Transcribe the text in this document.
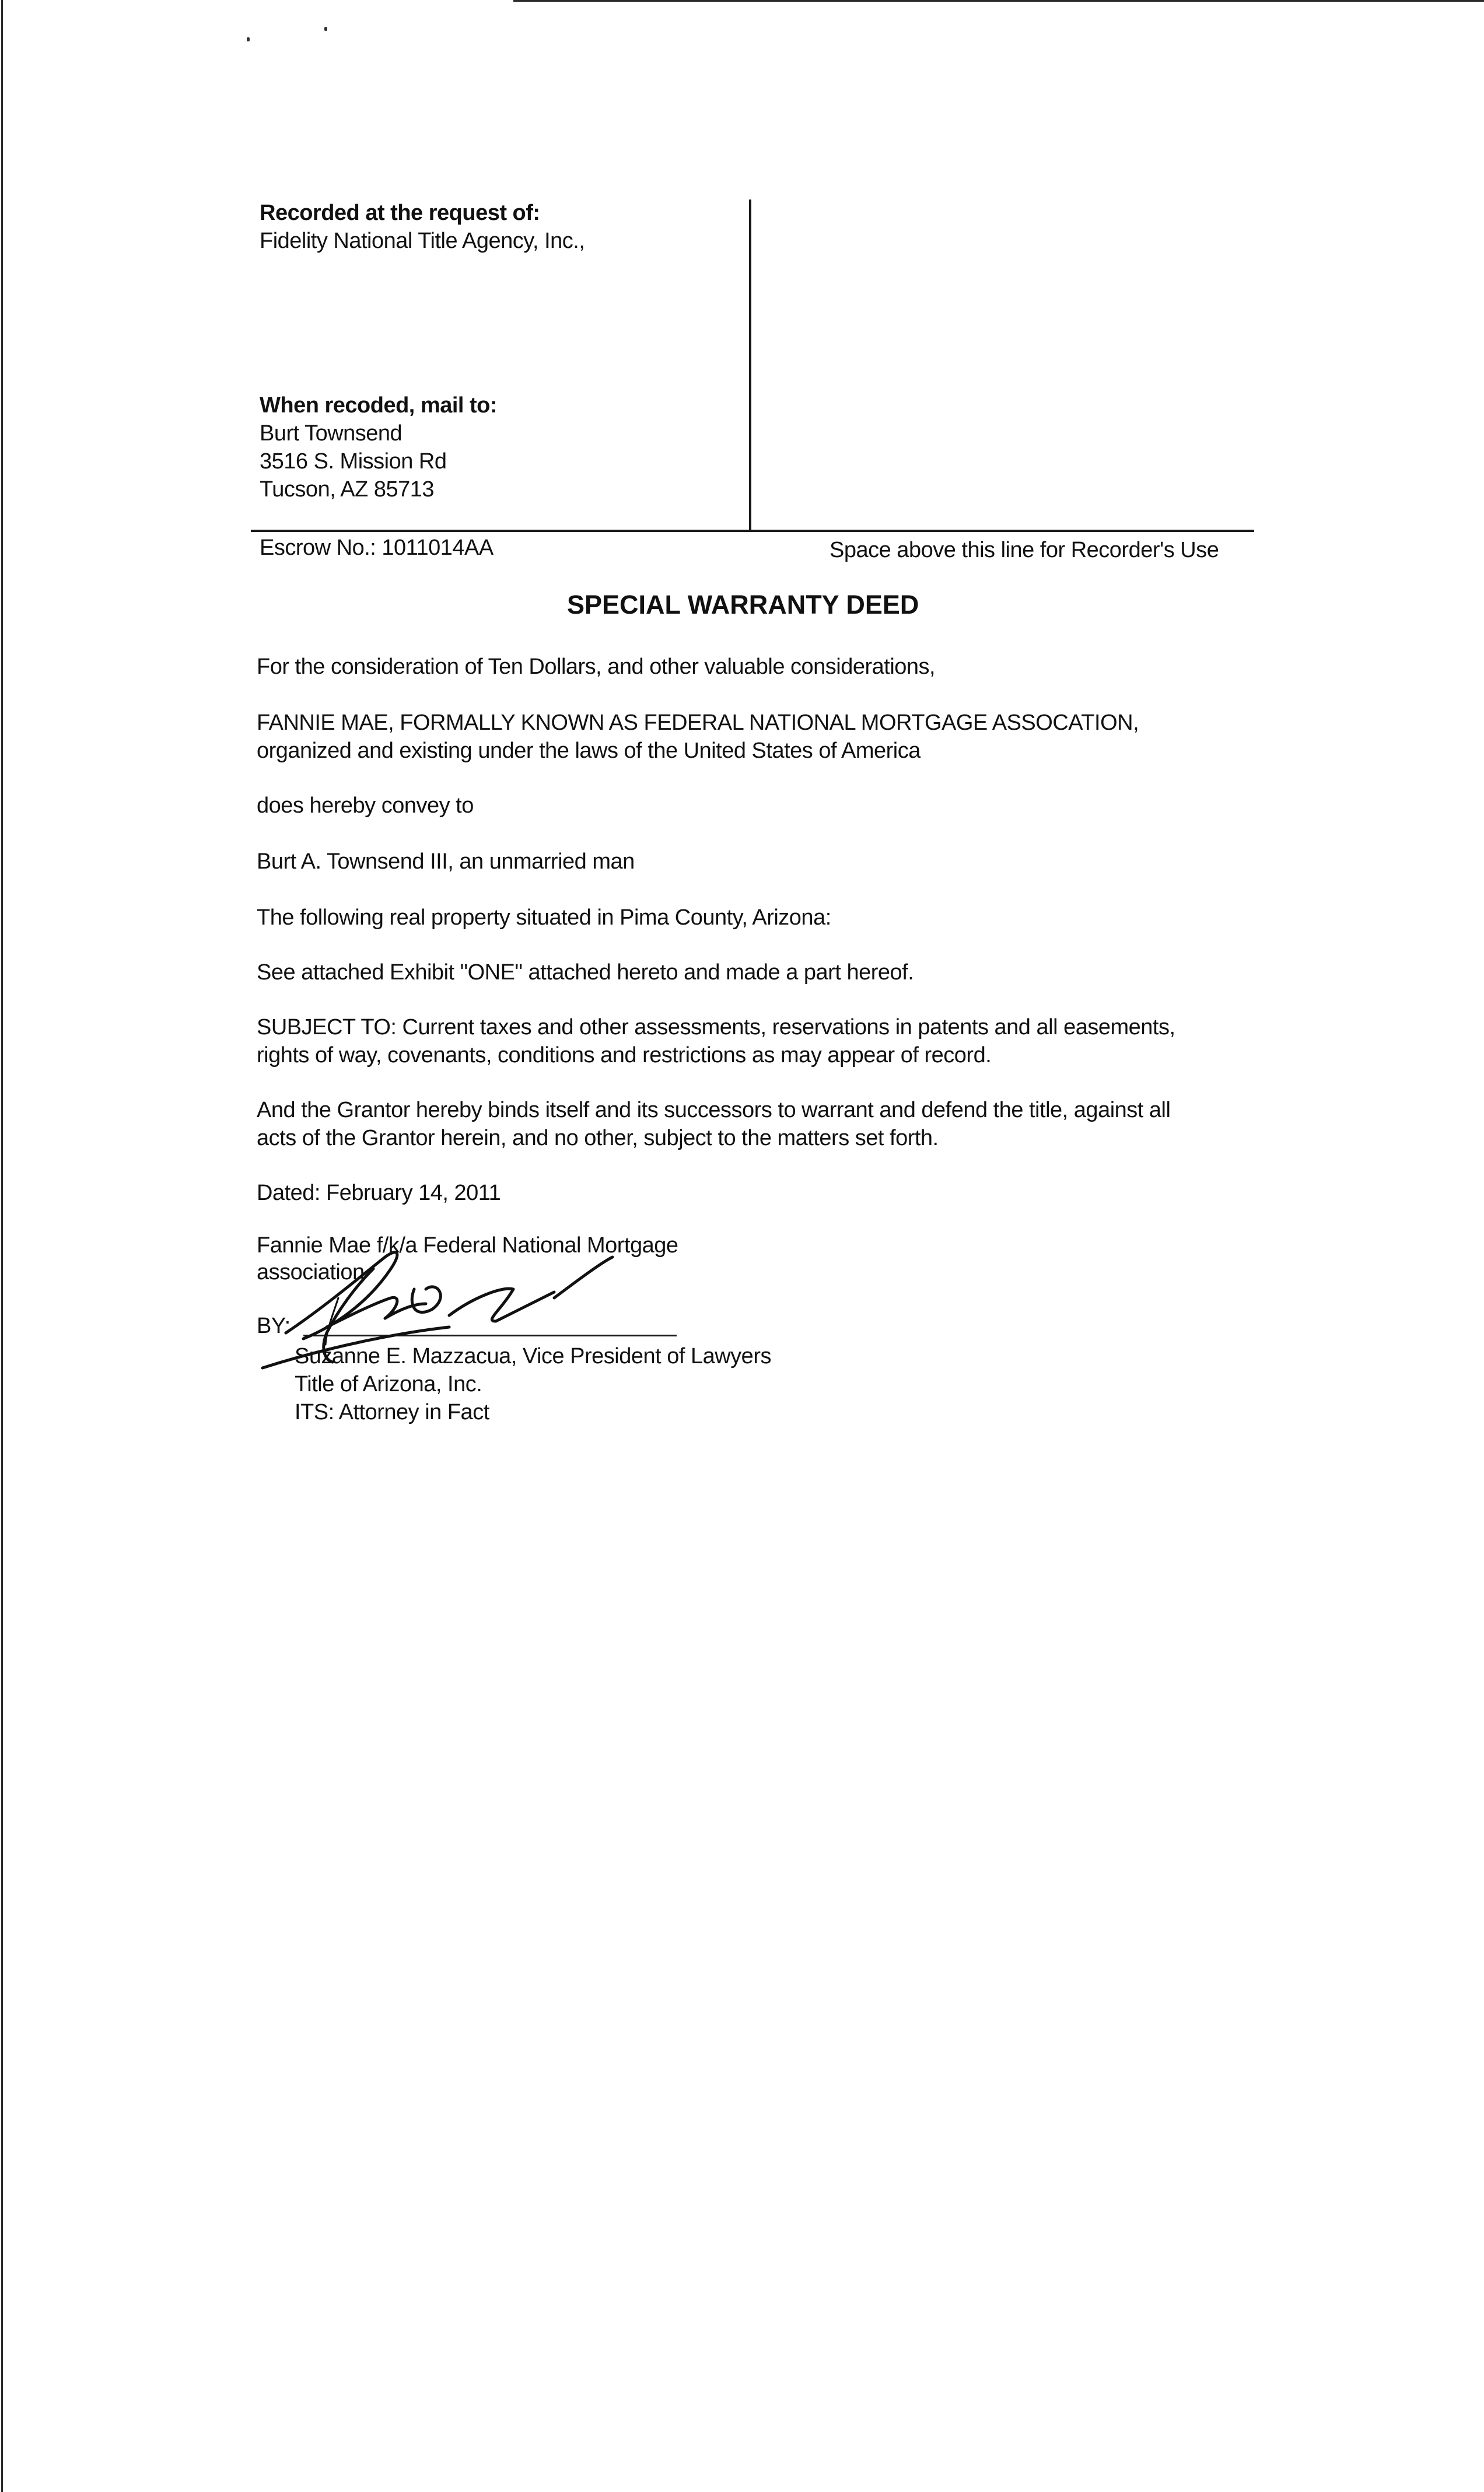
Recorded at the request of:
Fidelity National Title Agency, Inc.,
When recoded, mail to:
Burt Townsend
3516 S. Mission Rd
Tucson, AZ 85713
Escrow No.: 1011014AA	Space above this line for Recorder's Use
SPECIAL WARRANTY DEED
For the consideration of Ten Dollars, and other valuable considerations,
FANNIE MAE, FORMALLY KNOWN AS FEDERAL NATIONAL MORTGAGE ASSOCATION,
organized and existing under the laws of the United States of America
does hereby convey to
Burt A. Townsend III, an unmarried man
The following real property situated in Pima County, Arizona:
See attached Exhibit "ONE" attached hereto and made a part hereof.
SUBJECT TO: Current taxes and other assessments, reservations in patents and all easements,
rights of way, covenants, conditions and restrictions as may appear of record.
And the Grantor hereby binds itself and its successors to warrant and defend the title, against all
acts of the Grantor herein, and no other, subject to the matters set forth.
Dated: February 14, 2011
Fannie Mae f/k/a Federal National Mortgage
association
BY:
Suzanne E. Mazzacua, Vice President of Lawyers
Title of Arizona, Inc.
ITS: Attorney in Fact
